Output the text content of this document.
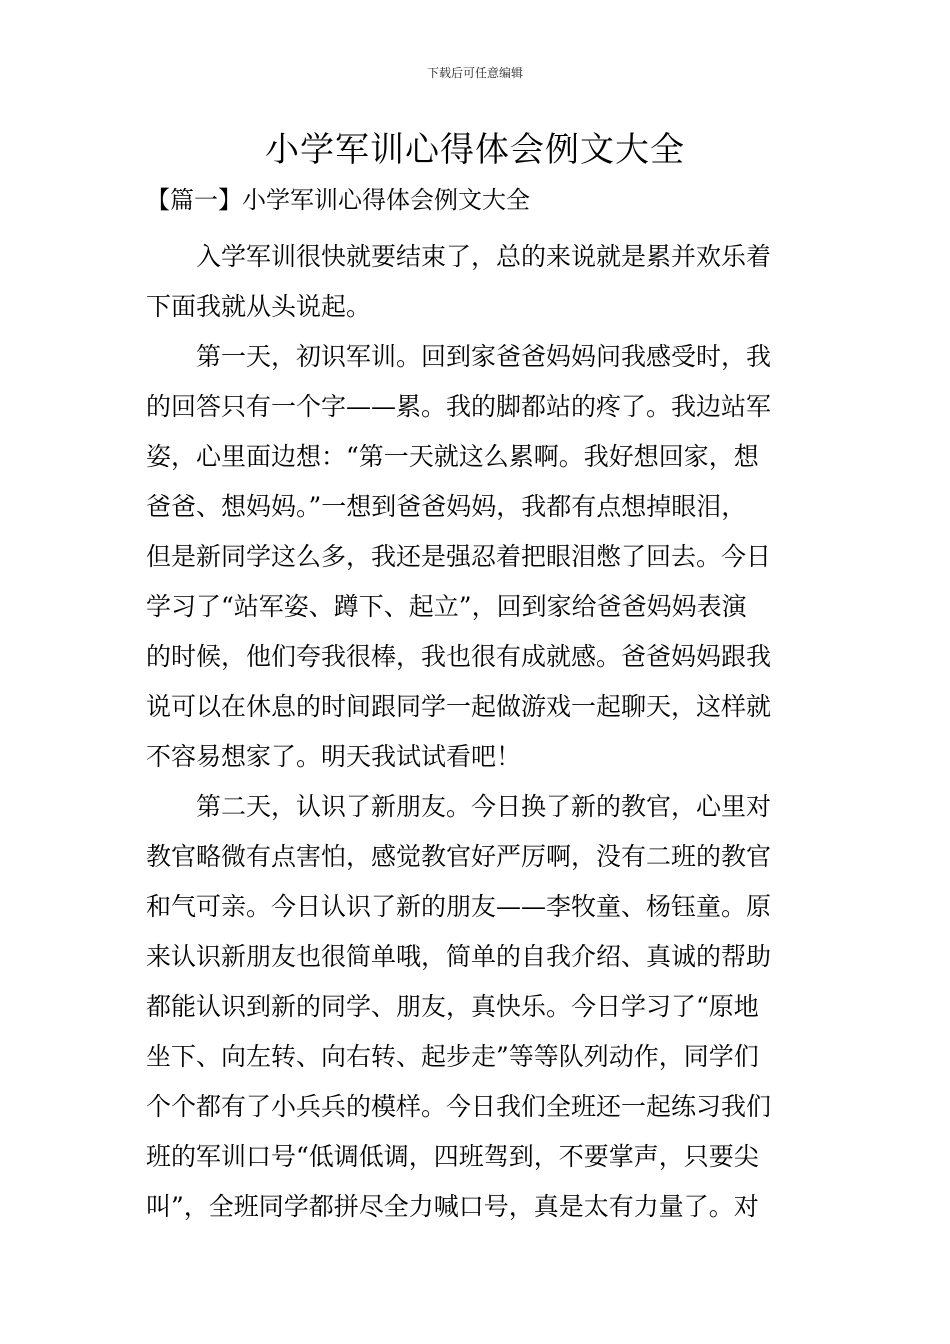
下载后可任意编辑
小学军训心得体会例文大全
【篇一】小学军训心得体会例文大全

入学军训很快就要结束了，总的来说就是累并欢乐着
下面我就从头说起。

第一天，初识军训。回到家爸爸妈妈问我感受时，我
的回答只有一个字——累。我的脚都站的疼了。我边站军
姿，心里面边想：“第一天就这么累啊。我好想回家，想
爸爸、想妈妈。”一想到爸爸妈妈，我都有点想掉眼泪，
但是新同学这么多，我还是强忍着把眼泪憋了回去。今日
学习了“站军姿、蹲下、起立”，回到家给爸爸妈妈表演
的时候，他们夸我很棒，我也很有成就感。爸爸妈妈跟我
说可以在休息的时间跟同学一起做游戏一起聊天，这样就
不容易想家了。明天我试试看吧！

第二天，认识了新朋友。今日换了新的教官，心里对
教官略微有点害怕，感觉教官好严厉啊，没有二班的教官
和气可亲。今日认识了新的朋友——李牧童、杨钰童。原
来认识新朋友也很简单哦，简单的自我介绍、真诚的帮助
都能认识到新的同学、朋友，真快乐。今日学习了“原地
坐下、向左转、向右转、起步走”等等队列动作，同学们
个个都有了小兵兵的模样。今日我们全班还一起练习我们
班的军训口号“低调低调，四班驾到，不要掌声，只要尖
叫”，全班同学都拼尽全力喊口号，真是太有力量了。对
